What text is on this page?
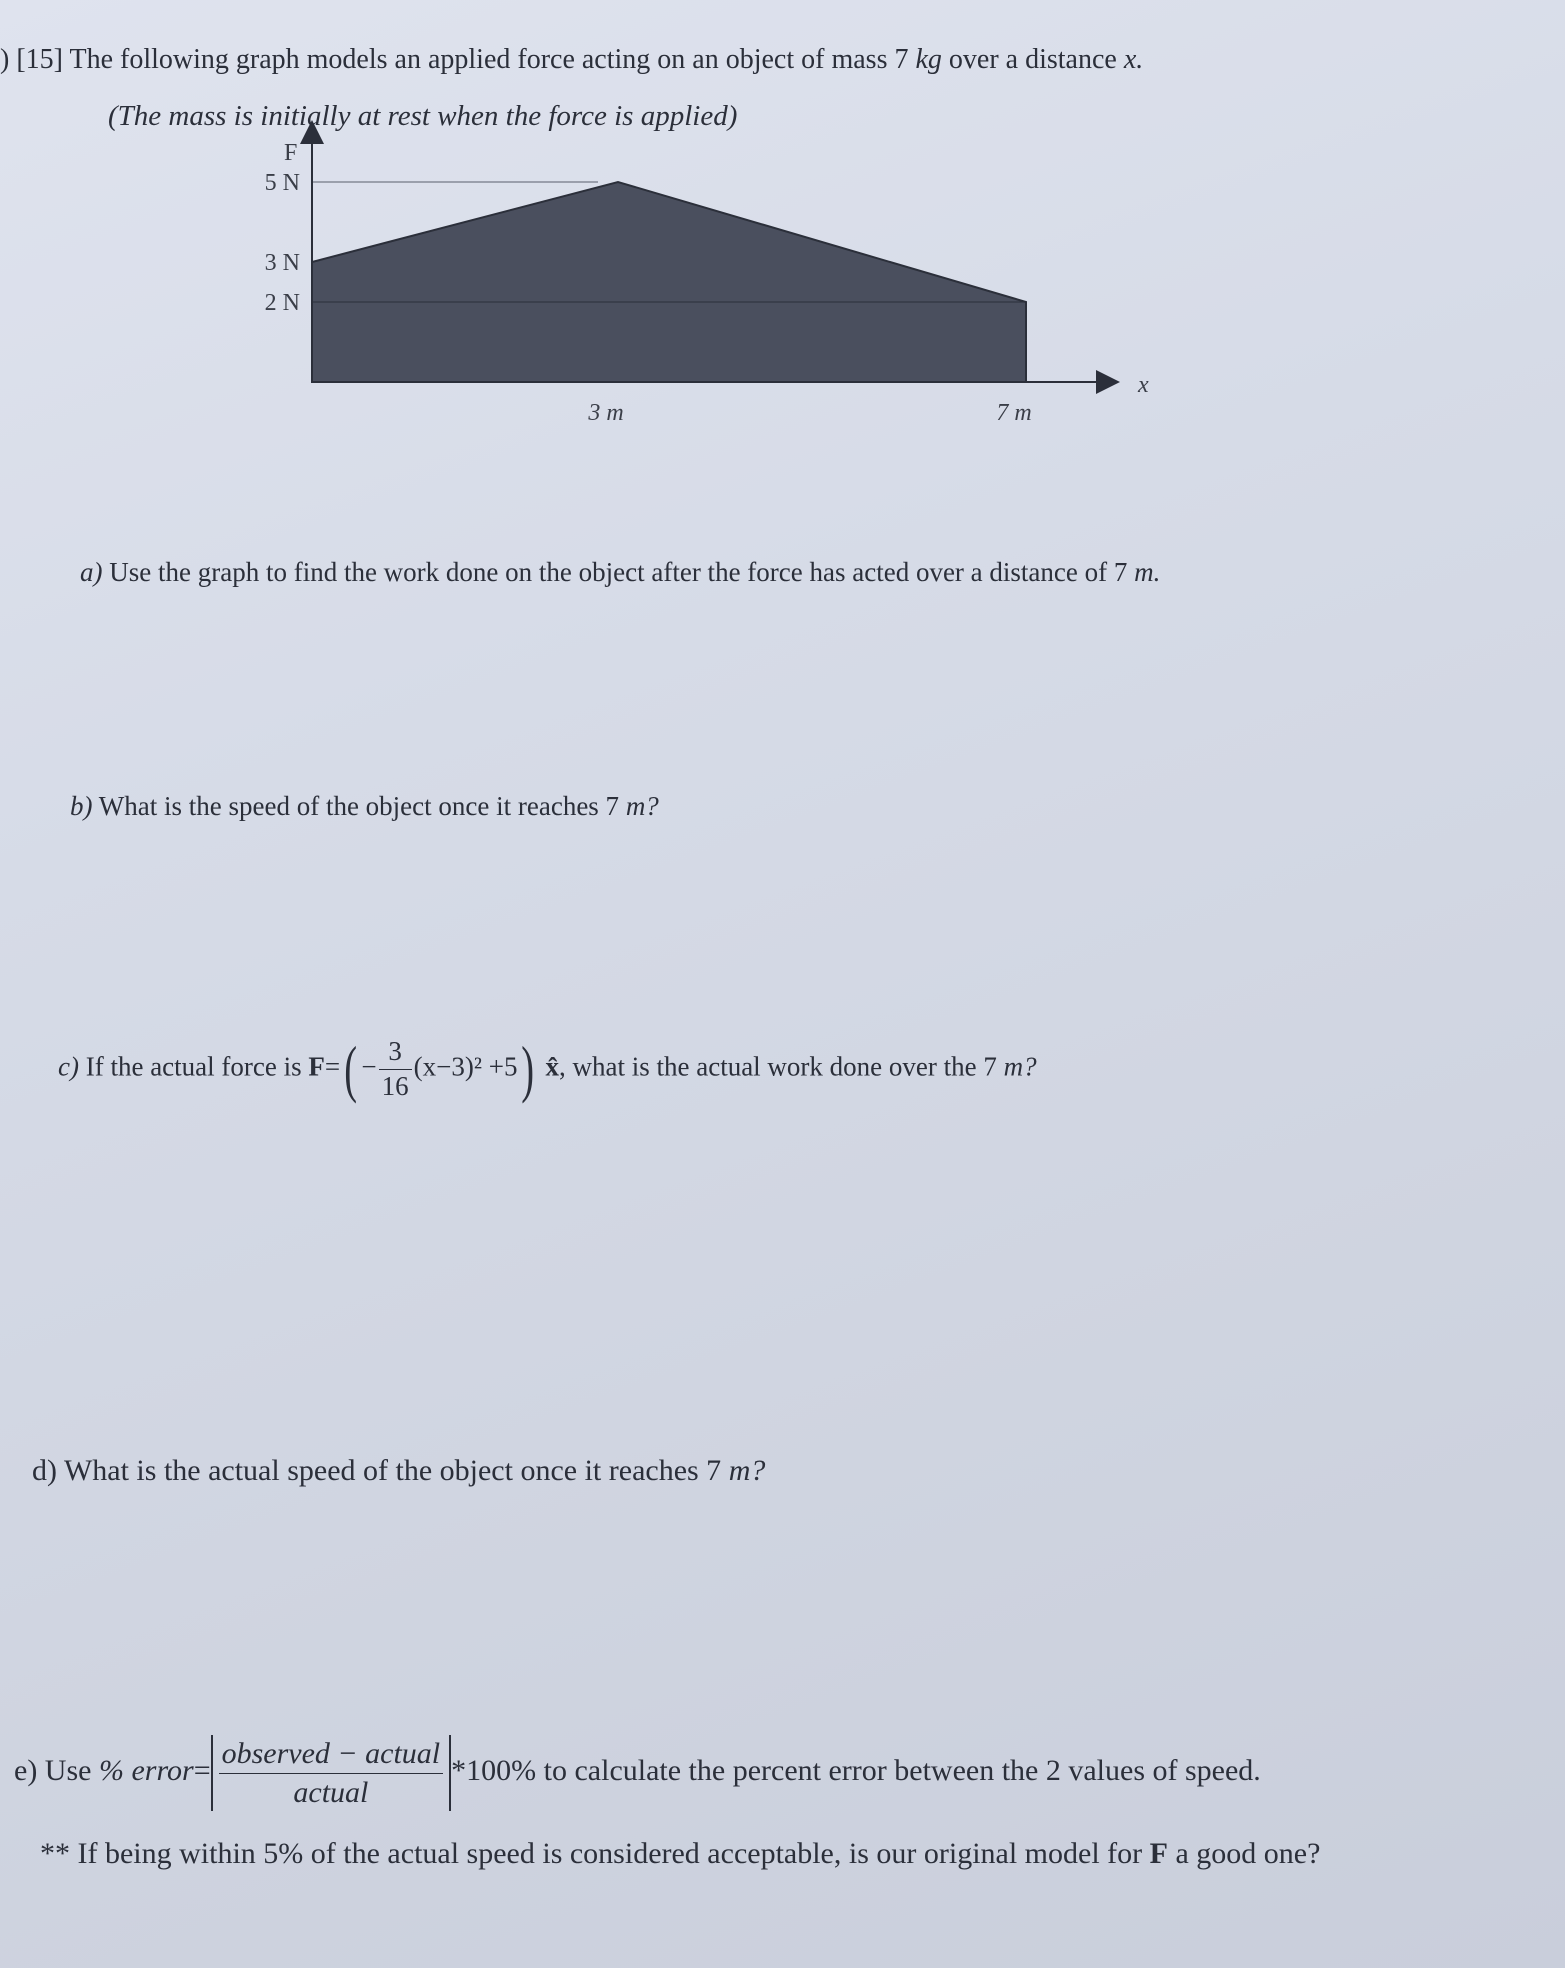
) [15] The following graph models an applied force acting on an object of mass 7 kg over a distance x.
(The mass is initially at rest when the force is applied)
F
x
5 N
3 N
2 N
3 m	7 m
a) Use the graph to find the work done on the object after the force has acted over a distance of 7 m.
b) What is the speed of the object once it reaches 7 m?
c) If the actual force is $F=( - \frac{3}{16} (x-3)^2 +5)$ x̂, what is the actual work done over the 7 m?
d) What is the actual speed of the object once it reaches 7 m?
e) Use % error= $\frac{\text{observed − actual}}{\text{actual}} *100\%$ to calculate the percent error between the 2 values of speed.
** If being within 5% of the actual speed is considered acceptable, is our original model for F a good one?
